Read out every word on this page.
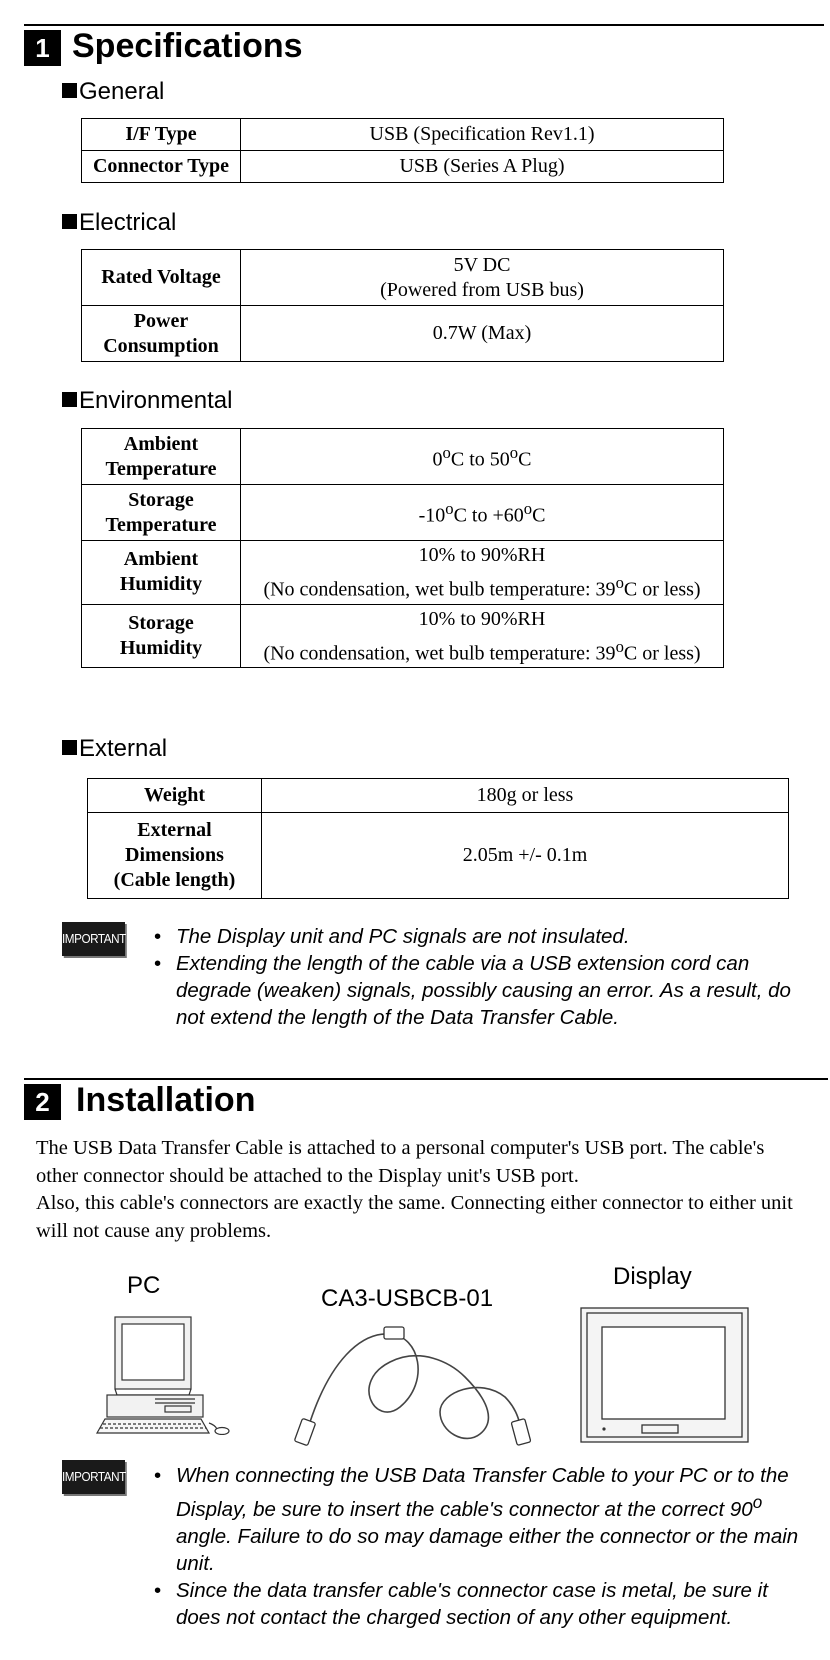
1 Specifications
General
I/F Type	USB (Specification Rev1.1)
Connector Type	USB (Series A Plug)
Electrical
Rated Voltage	5V DC
(Powered from USB bus)
Power
Consumption	0.7W (Max)
Environmental
Ambient
Temperature	0$^o$C to 50$^o$C
Storage
Temperature	-10$^o$C to $+60^oC$
Ambient
Humidity	10% to 90%RH
(No condensation, wet bulb temperature: 39$^o$C or less)
Storage
Humidity	10% to 90%RH
(No condensation, wet bulb temperature: 39$^o$C or less)
External
Weight	180g or less
External
Dimensions
(Cable length)	2.05m +/- 0.1m
IMPORTANT	• The Display unit and PC signals are not insulated.
• Extending the length of the cable via a USB extension cord can degrade (weaken) signals, possibly causing an error. As a result, do not extend the length of the Data Transfer Cable.
2 Installation

The USB Data Transfer Cable is attached to a personal computer's USB port. The cable's other connector should be attached to the Display unit's USB port.

Also, this cable's connectors are exactly the same. Connecting either connector to either unit will not cause any problems.

PC	CA3-USBCB-01
Display
IMPORTANT	• When connecting the USB Data Transfer Cable to your PC or to the Display, be sure to insert the cable's connector at the correct 90$^o$ angle. Failure to do so may damage either the connector or the main unit.
• Since the data transfer cable's connector case is metal, be sure it does not contact the charged section of any other equipment.
